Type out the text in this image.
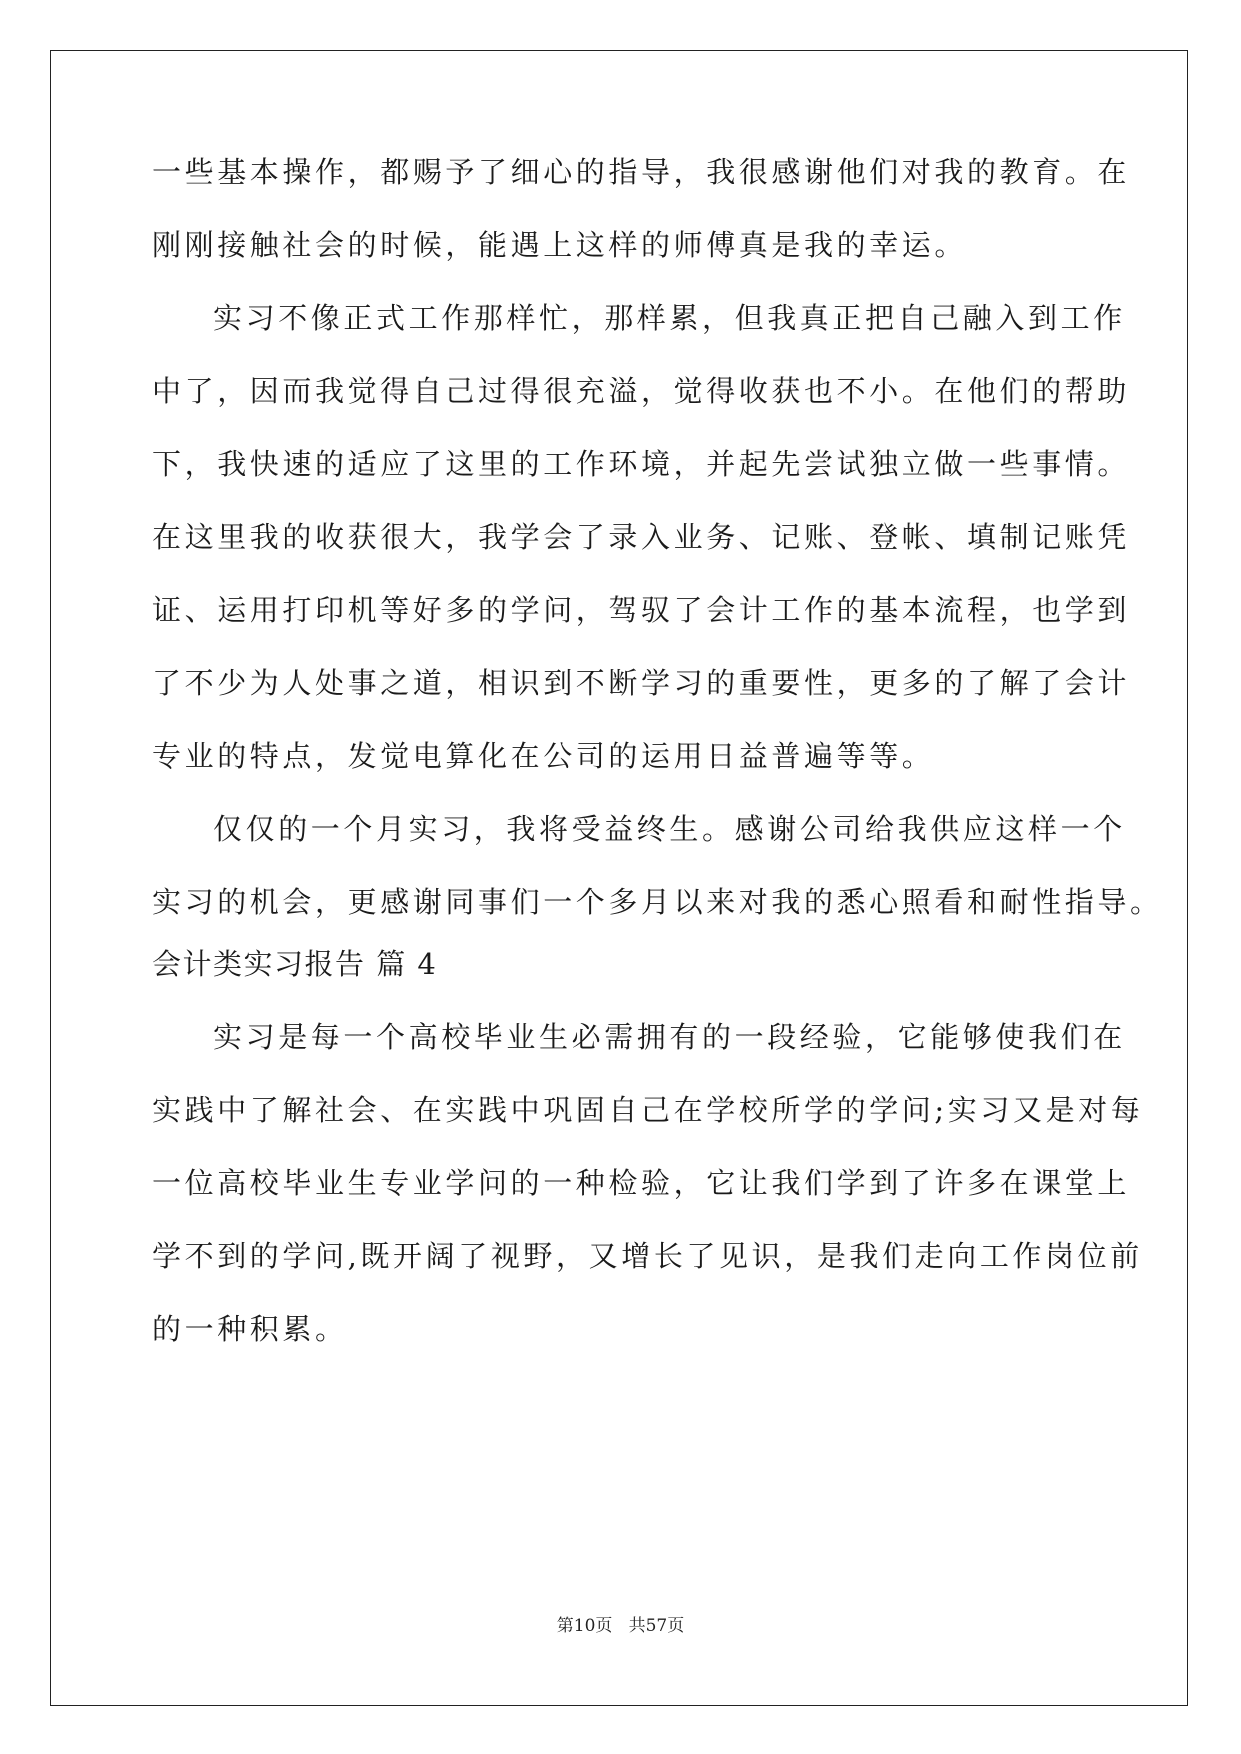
一些基本操作，都赐予了细心的指导，我很感谢他们对我的教育。在
刚刚接触社会的时候，能遇上这样的师傅真是我的幸运。
实习不像正式工作那样忙，那样累，但我真正把自己融入到工作
中了，因而我觉得自己过得很充溢，觉得收获也不小。在他们的帮助
下，我快速的适应了这里的工作环境，并起先尝试独立做一些事情。
在这里我的收获很大，我学会了录入业务、记账、登帐、填制记账凭
证、运用打印机等好多的学问，驾驭了会计工作的基本流程，也学到
了不少为人处事之道，相识到不断学习的重要性，更多的了解了会计
专业的特点，发觉电算化在公司的运用日益普遍等等。
仅仅的一个月实习，我将受益终生。感谢公司给我供应这样一个
实习的机会，更感谢同事们一个多月以来对我的悉心照看和耐性指导。
会计类实习报告 篇 4
实习是每一个高校毕业生必需拥有的一段经验，它能够使我们在
实践中了解社会、在实践中巩固自己在学校所学的学问;实习又是对每
一位高校毕业生专业学问的一种检验，它让我们学到了许多在课堂上
学不到的学问,既开阔了视野，又增长了见识，是我们走向工作岗位前
的一种积累。
第10页 共57页
